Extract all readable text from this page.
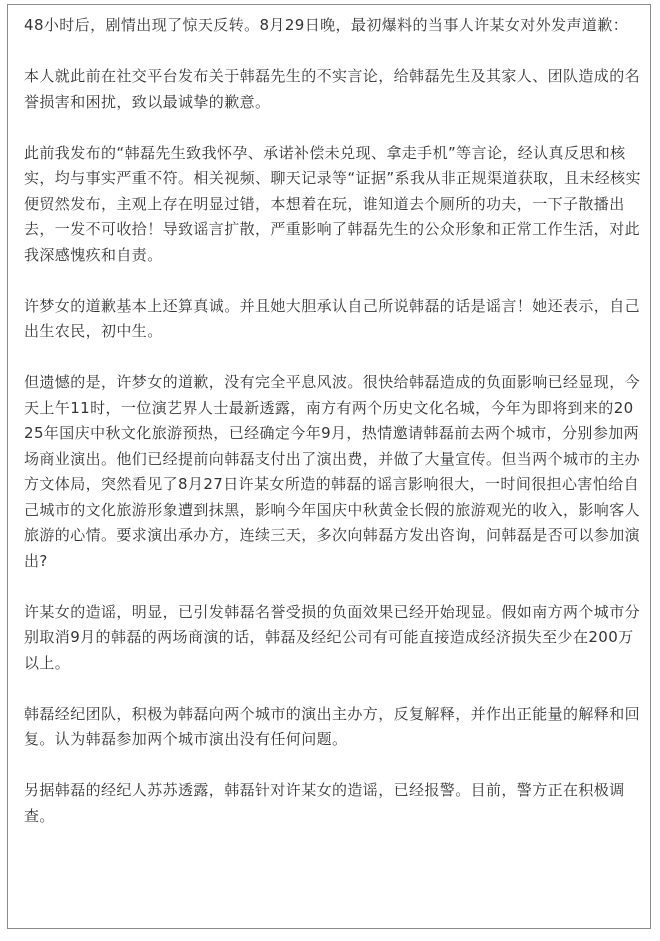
48小时后，剧情出现了惊天反转。8月29日晚，最初爆料的当事人许某女对外发声道歉：

本人就此前在社交平台发布关于韩磊先生的不实言论，给韩磊先生及其家人、团队造成的名誉损害和困扰，致以最诚挚的歉意。

此前我发布的“韩磊先生致我怀孕、承诺补偿未兑现、拿走手机”等言论，经认真反思和核实，均与事实严重不符。相关视频、聊天记录等“证据”系我从非正规渠道获取，且未经核实便贸然发布，主观上存在明显过错，本想着在玩，谁知道去个厕所的功夫，一下子散播出去，一发不可收拾！导致谣言扩散，严重影响了韩磊先生的公众形象和正常工作生活，对此我深感愧疚和自责。

许梦女的道歉基本上还算真诚。并且她大胆承认自己所说韩磊的话是谣言！她还表示，自己出生农民，初中生。

但遗憾的是，许梦女的道歉，没有完全平息风波。很快给韩磊造成的负面影响已经显现，今天上午11时，一位演艺界人士最新透露，南方有两个历史文化名城，今年为即将到来的2025年国庆中秋文化旅游预热，已经确定今年9月，热情邀请韩磊前去两个城市，分别参加两场商业演出。他们已经提前向韩磊支付出了演出费，并做了大量宣传。但当两个城市的主办方文体局，突然看见了8月27日许某女所造的韩磊的谣言影响很大，一时间很担心害怕给自己城市的文化旅游形象遭到抹黑，影响今年国庆中秋黄金长假的旅游观光的收入，影响客人旅游的心情。要求演出承办方，连续三天，多次向韩磊方发出咨询，问韩磊是否可以参加演出?

许某女的造谣，明显，已引发韩磊名誉受损的负面效果已经开始现显。假如南方两个城市分别取消9月的韩磊的两场商演的话，韩磊及经纪公司有可能直接造成经济损失至少在200万以上。

韩磊经纪团队，积极为韩磊向两个城市的演出主办方，反复解释，并作出正能量的解释和回复。认为韩磊参加两个城市演出没有任何问题。

另据韩磊的经纪人苏苏透露，韩磊针对许某女的造谣，已经报警。目前，警方正在积极调查。
